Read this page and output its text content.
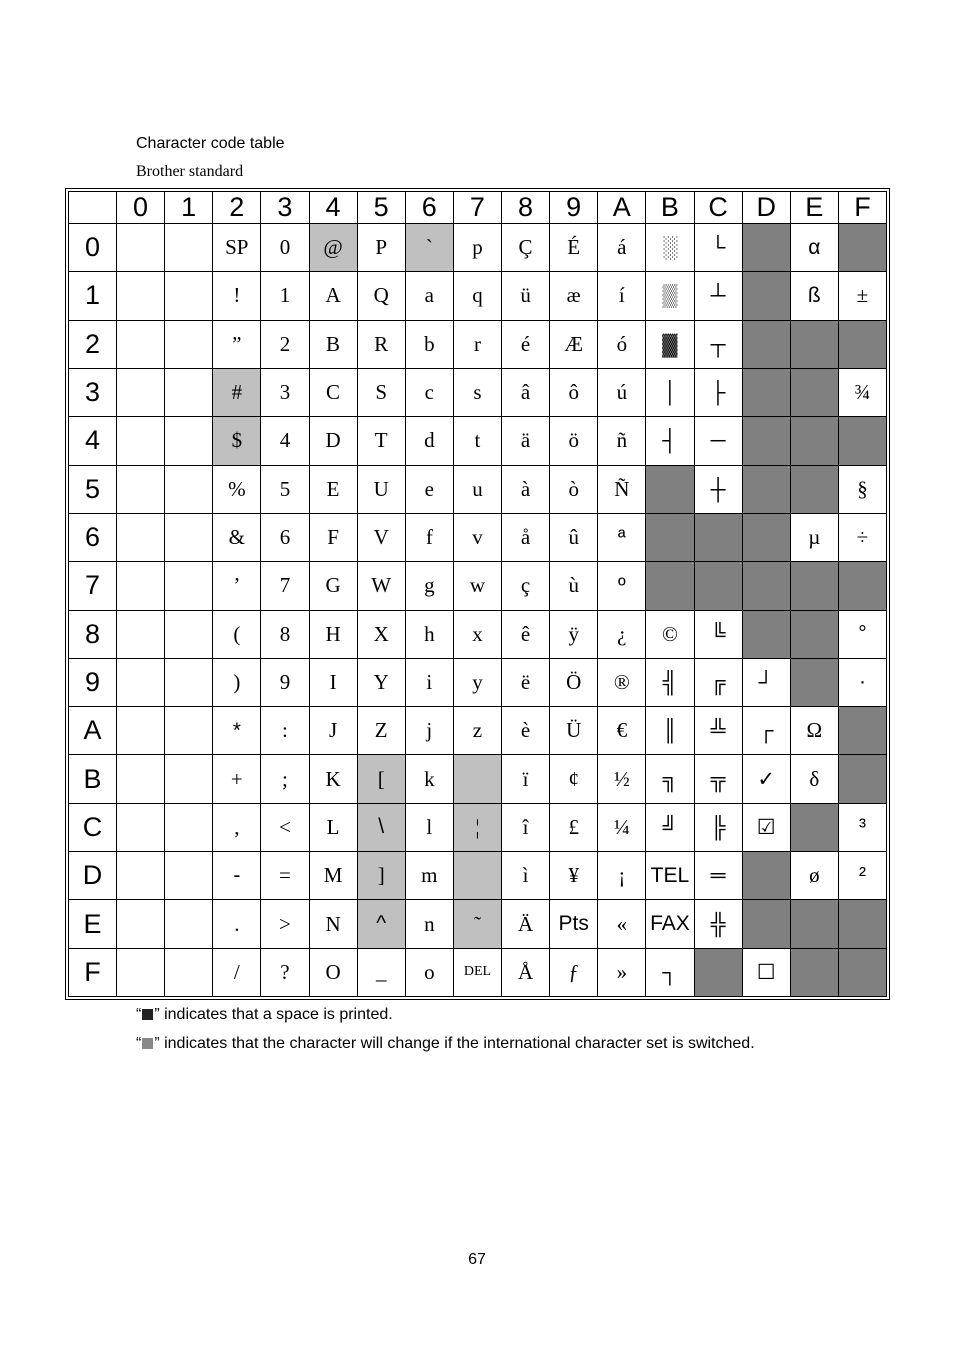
Character code table
Brother standard
	0	1	2	3	4	5	6	7	8	9	A	B	C	D	E	F
0			SP	0	@	P	`	p	Ç	É	á	░	└		α	
1			!	1	A	Q	a	q	ü	æ	í	▒	┴		ß	±
2			”	2	B	R	b	r	é	Æ	ó	▓	┬			
3			#	3	C	S	c	s	â	ô	ú	│	├			¾
4			$	4	D	T	d	t	ä	ö	ñ	┤	─			
5			%	5	E	U	e	u	à	ò	Ñ		┼			§
6			&	6	F	V	f	v	å	û	ª				µ	÷
7			’	7	G	W	g	w	ç	ù	º					
8			(	8	H	X	h	x	ê	ÿ	¿	©	╚			°
9			)	9	I	Y	i	y	ë	Ö	®	╣	╔	┘		·
A			*	:	J	Z	j	z	è	Ü	€	║	╩	┌	Ω	
B			+	;	K	[	k		ï	¢	½	╗	╦	✓	δ	
C			,	<	L	\	l	¦	î	£	¼	╝	╠	☑		³
D			-	=	M	]	m		ì	¥	¡	TEL	═		ø	²
E			.	>	N	^	n	˜	Ä	Pts	«	FAX	╬			
F			/	?	O	_	o	DEL	Å	ƒ	»	┐		☐		
“ ” indicates that a space is printed.
“ ” indicates that the character will change if the international character set is switched.
67
